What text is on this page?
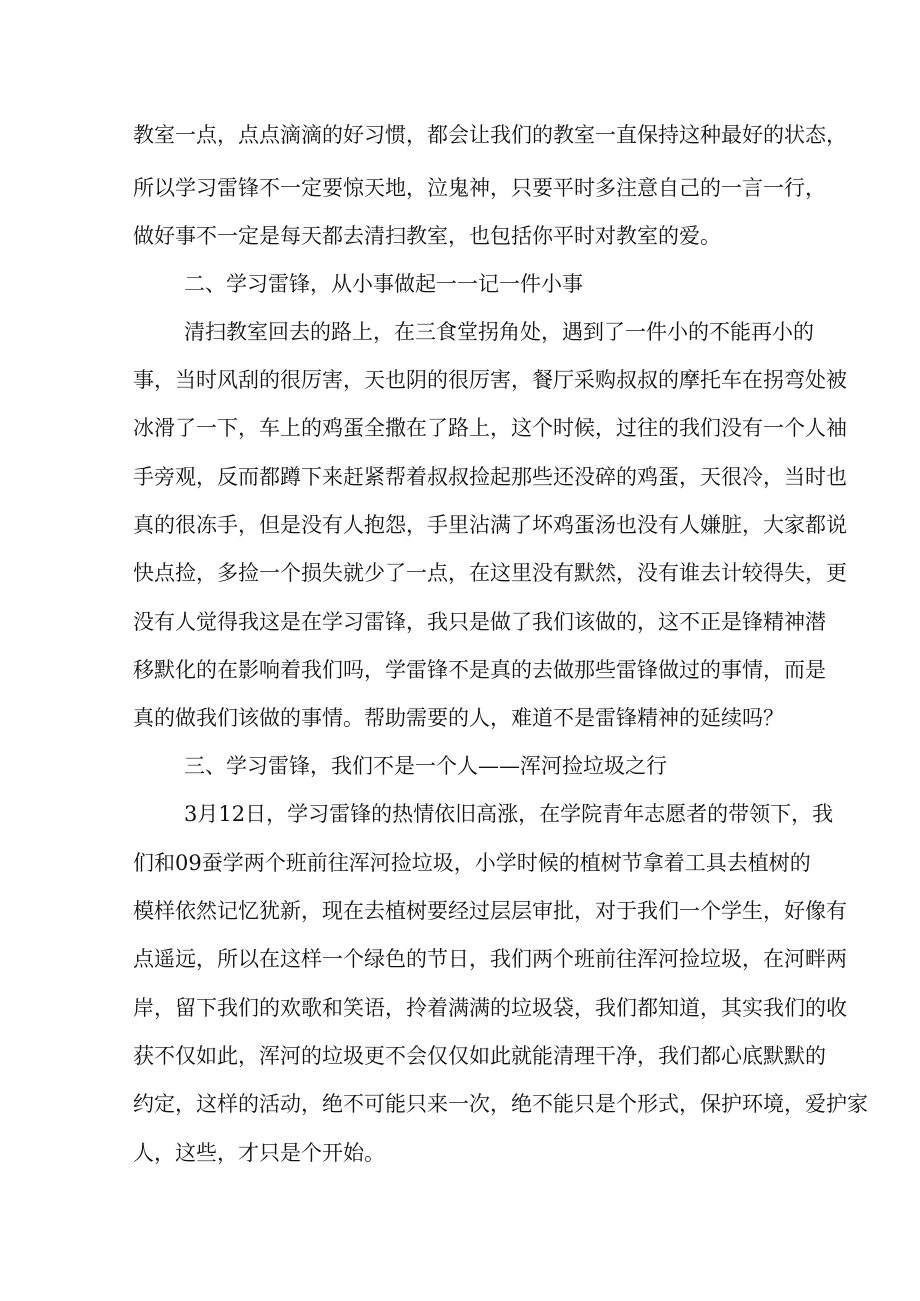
教室一点，点点滴滴的好习惯，都会让我们的教室一直保持这种最好的状态，
所以学习雷锋不一定要惊天地，泣鬼神，只要平时多注意自己的一言一行，
做好事不一定是每天都去清扫教室，也包括你平时对教室的爱。
二、学习雷锋，从小事做起一一记一件小事
清扫教室回去的路上，在三食堂拐角处，遇到了一件小的不能再小的
事，当时风刮的很厉害，天也阴的很厉害，餐厅采购叔叔的摩托车在拐弯处被
冰滑了一下，车上的鸡蛋全撒在了路上，这个时候，过往的我们没有一个人袖
手旁观，反而都蹲下来赶紧帮着叔叔捡起那些还没碎的鸡蛋，天很冷，当时也
真的很冻手，但是没有人抱怨，手里沾满了坏鸡蛋汤也没有人嫌脏，大家都说
快点捡，多捡一个损失就少了一点，在这里没有默然，没有谁去计较得失，更
没有人觉得我这是在学习雷锋，我只是做了我们该做的，这不正是锋精神潜
移默化的在影响着我们吗，学雷锋不是真的去做那些雷锋做过的事情，而是
真的做我们该做的事情。帮助需要的人，难道不是雷锋精神的延续吗？
三、学习雷锋，我们不是一个人——浑河捡垃圾之行
3月12日，学习雷锋的热情依旧高涨，在学院青年志愿者的带领下，我
们和09蚕学两个班前往浑河捡垃圾，小学时候的植树节拿着工具去植树的
模样依然记忆犹新，现在去植树要经过层层审批，对于我们一个学生，好像有
点遥远，所以在这样一个绿色的节日，我们两个班前往浑河捡垃圾，在河畔两
岸，留下我们的欢歌和笑语，拎着满满的垃圾袋，我们都知道，其实我们的收
获不仅如此，浑河的垃圾更不会仅仅如此就能清理干净，我们都心底默默的
约定，这样的活动，绝不可能只来一次，绝不能只是个形式，保护环境，爱护家
人，这些，才只是个开始。
